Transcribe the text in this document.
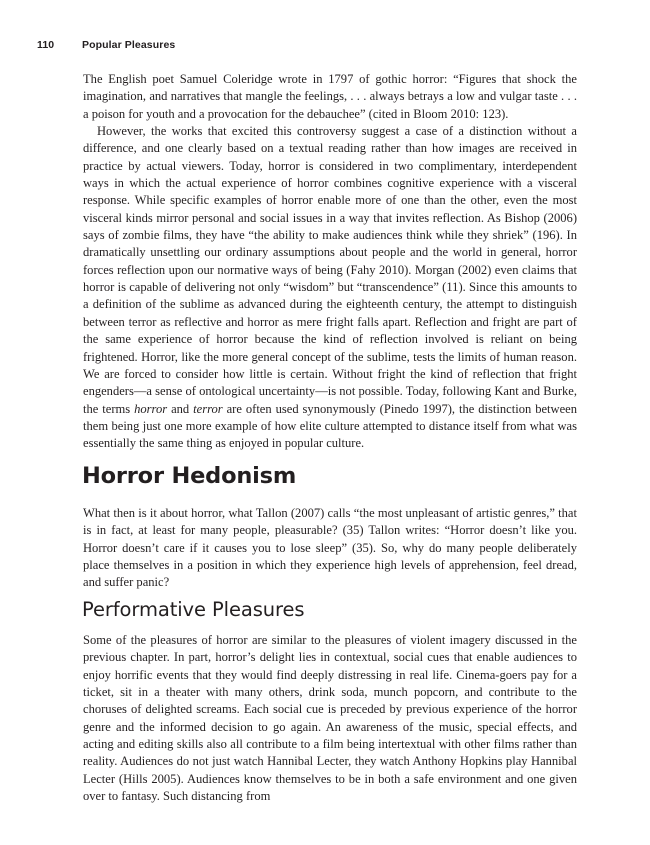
110	Popular Pleasures

The English poet Samuel Coleridge wrote in 1797 of gothic horror: “Figures that shock the imagination, and narratives that mangle the feelings, . . . always betrays a low and vulgar taste . . . a poison for youth and a provocation for the debauchee” (cited in Bloom 2010: 123).

However, the works that excited this controversy suggest a case of a distinction without a difference, and one clearly based on a textual reading rather than how images are received in practice by actual viewers. Today, horror is considered in two complimentary, interdependent ways in which the actual experience of horror combines cognitive experience with a visceral response. While specific examples of horror enable more of one than the other, even the most visceral kinds mirror personal and social issues in a way that invites reflection. As Bishop (2006) says of zombie films, they have “the ability to make audiences think while they shriek” (196). In dramatically unsettling our ordinary assumptions about people and the world in general, horror forces reflection upon our normative ways of being (Fahy 2010). Morgan (2002) even claims that horror is capable of delivering not only “wisdom” but “transcendence” (11). Since this amounts to a definition of the sublime as advanced during the eighteenth century, the attempt to distinguish between terror as reflective and horror as mere fright falls apart. Reflection and fright are part of the same experience of horror because the kind of reflection involved is reliant on being frightened. Horror, like the more general concept of the sublime, tests the limits of human reason. We are forced to consider how little is certain. Without fright the kind of reflection that fright engenders—a sense of ontological uncertainty—is not possible. Today, following Kant and Burke, the terms horror and terror are often used synonymously (Pinedo 1997), the distinction between them being just one more example of how elite culture attempted to distance itself from what was essentially the same thing as enjoyed in popular culture.

Horror Hedonism

What then is it about horror, what Tallon (2007) calls “the most unpleasant of artistic genres,” that is in fact, at least for many people, pleasurable? (35) Tallon writes: “Horror doesn’t like you. Horror doesn’t care if it causes you to lose sleep” (35). So, why do many people deliberately place themselves in a position in which they experience high levels of apprehension, feel dread, and suffer panic?

Performative Pleasures

Some of the pleasures of horror are similar to the pleasures of violent imagery discussed in the previous chapter. In part, horror’s delight lies in contextual, social cues that enable audiences to enjoy horrific events that they would find deeply distressing in real life. Cinema-goers pay for a ticket, sit in a theater with many others, drink soda, munch popcorn, and contribute to the choruses of delighted screams. Each social cue is preceded by previous experience of the horror genre and the informed decision to go again. An awareness of the music, special effects, and acting and editing skills also all contribute to a film being intertextual with other films rather than reality. Audiences do not just watch Hannibal Lecter, they watch Anthony Hopkins play Hannibal Lecter (Hills 2005). Audiences know themselves to be in both a safe environment and one given over to fantasy. Such distancing from
